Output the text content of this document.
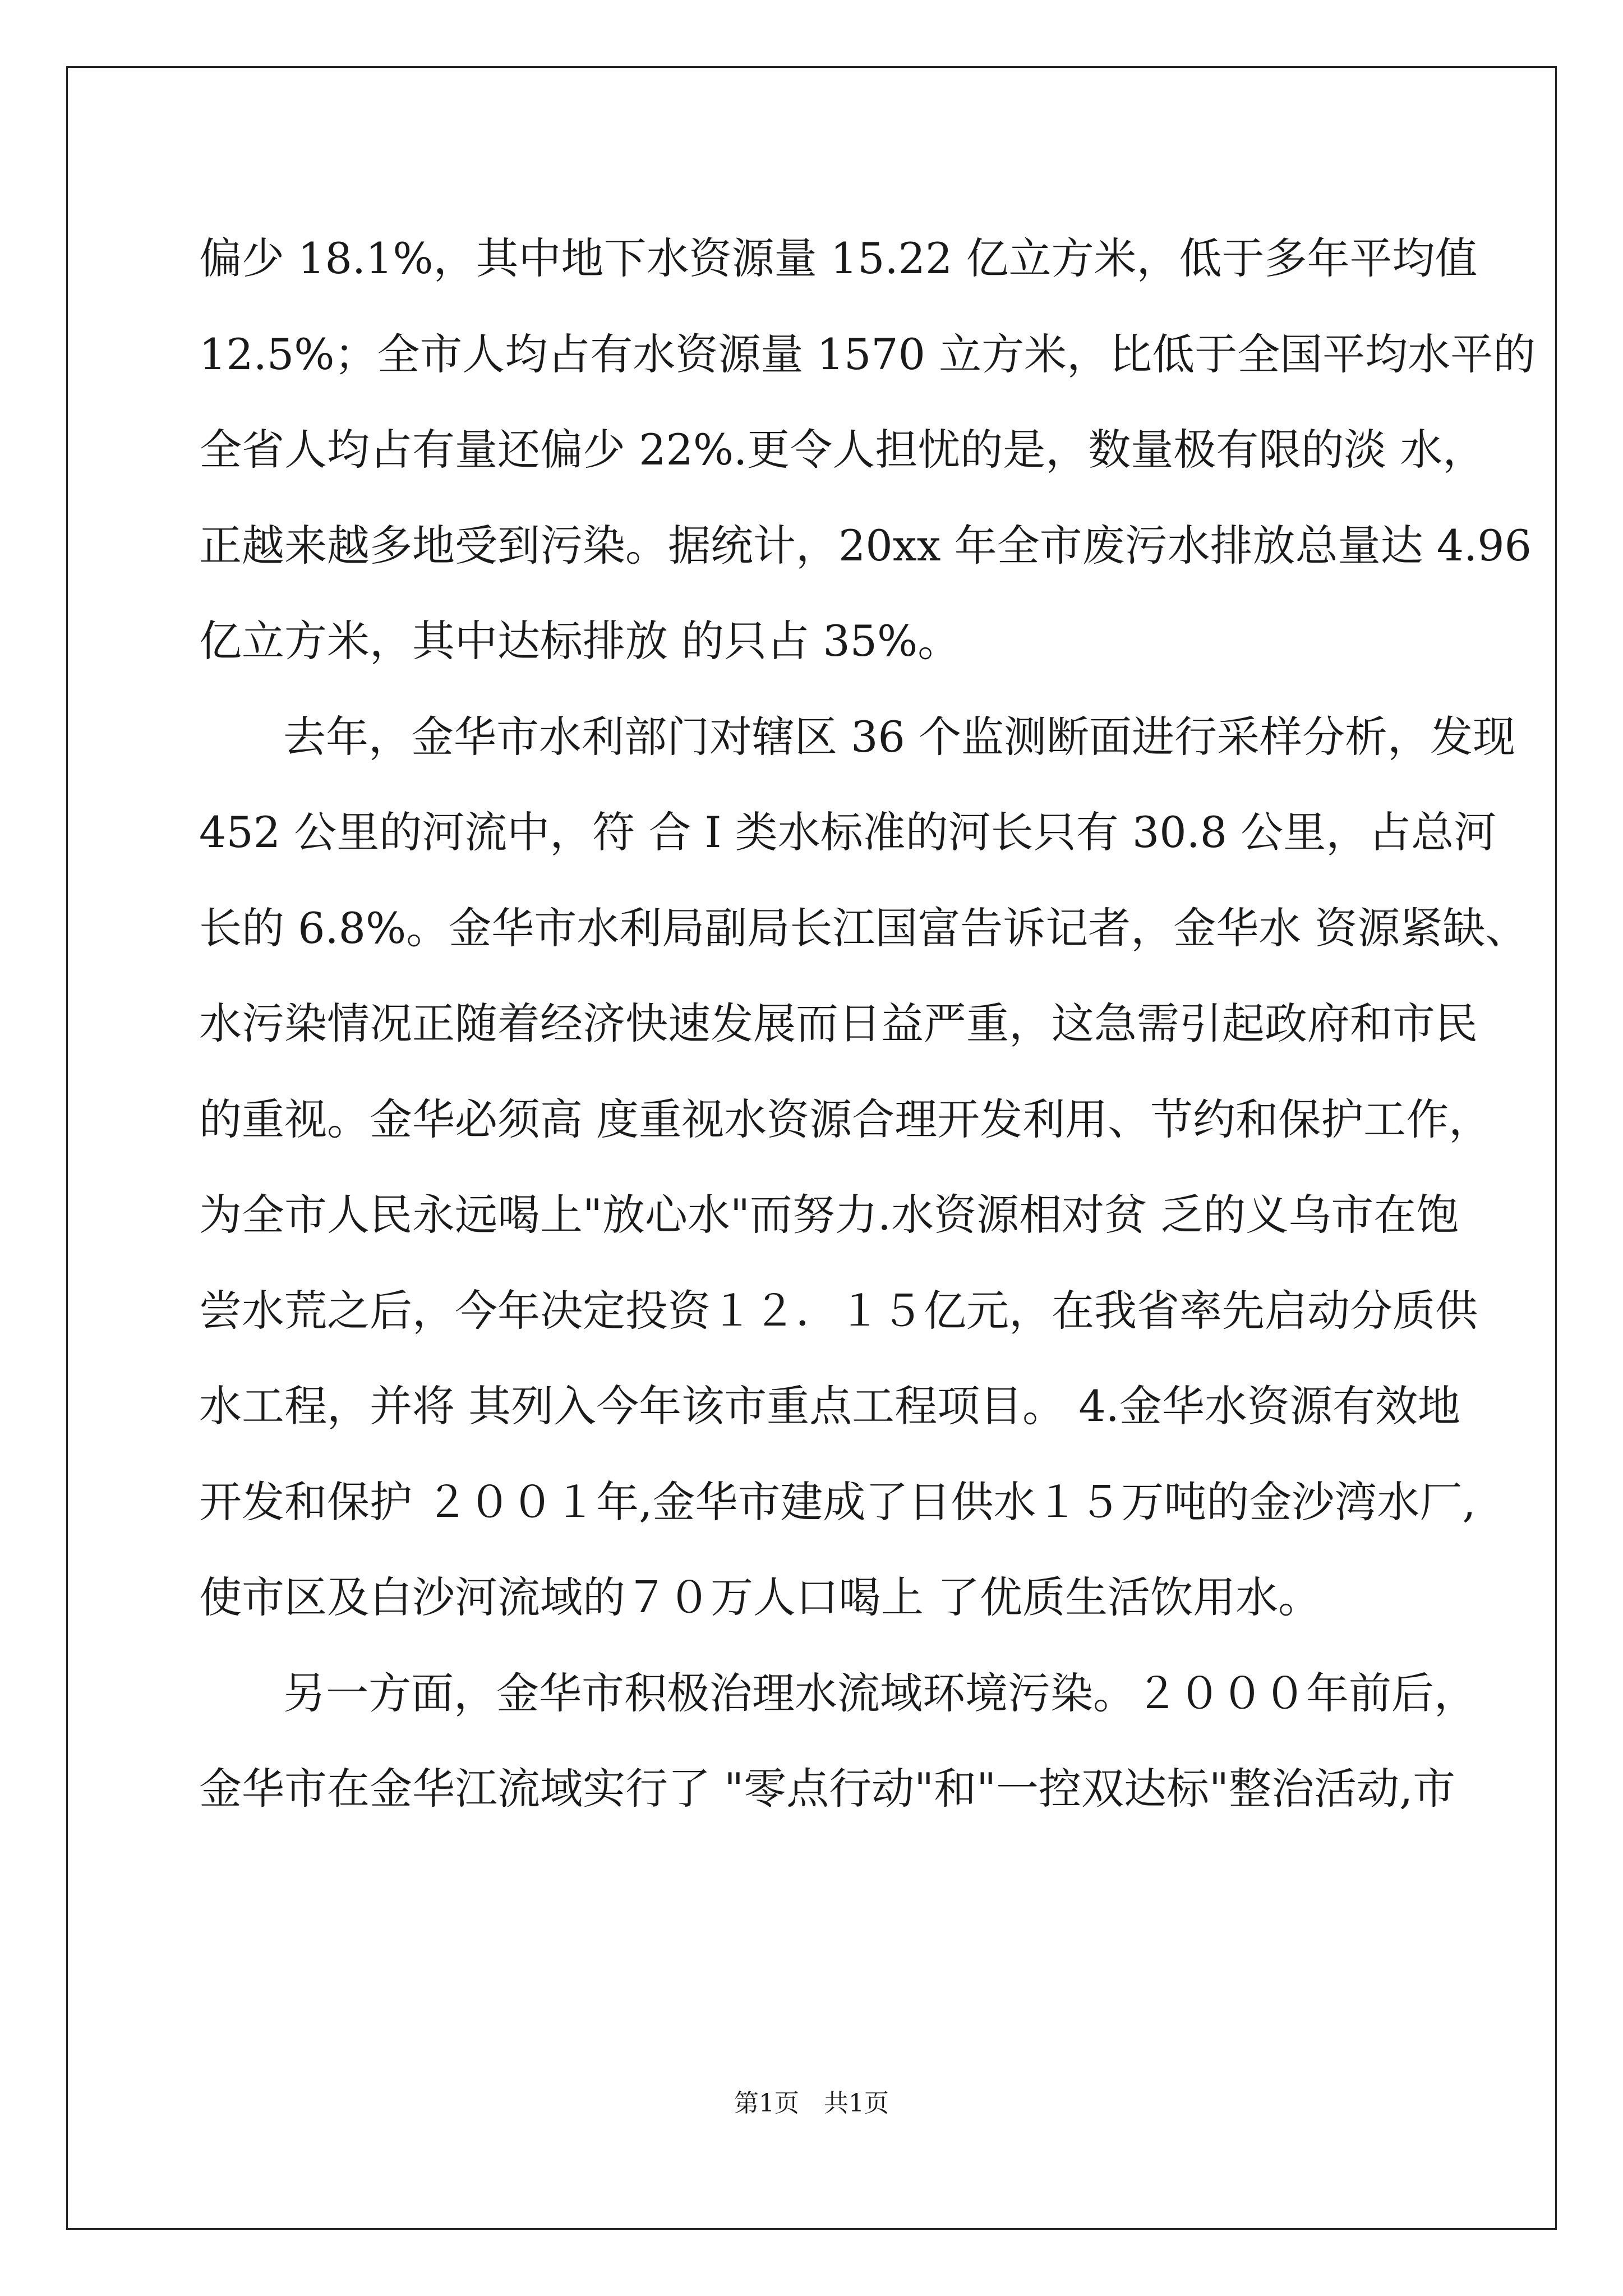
偏少 18.1%，其中地下水资源量 15.22 亿立方米，低于多年平均值
12.5%；全市人均占有水资源量 1570 立方米，比低于全国平均水平的
全省人均占有量还偏少 22%.更令人担忧的是，数量极有限的淡 水，
正越来越多地受到污染。据统计，20xx 年全市废污水排放总量达 4.96
亿立方米，其中达标排放 的只占 35%。

去年，金华市水利部门对辖区 36 个监测断面进行采样分析，发现
452 公里的河流中，符 合 I 类水标准的河长只有 30.8 公里，占总河
长的 6.8%。金华市水利局副局长江国富告诉记者，金华水 资源紧缺、
水污染情况正随着经济快速发展而日益严重，这急需引起政府和市民
的重视。金华必须高 度重视水资源合理开发利用、节约和保护工作，
为全市人民永远喝上"放心水"而努力.水资源相对贫 乏的义乌市在饱
尝水荒之后，今年决定投资１２．１５亿元，在我省率先启动分质供
水工程，并将 其列入今年该市重点工程项目。 4.金华水资源有效地
开发和保护 ２００１年,金华市建成了日供水１５万吨的金沙湾水厂,
使市区及白沙河流域的７０万人口喝上 了优质生活饮用水。

另一方面，金华市积极治理水流域环境污染。２０００年前后，
金华市在金华江流域实行了 "零点行动"和"一控双达标"整治活动,市

第1页 共1页
